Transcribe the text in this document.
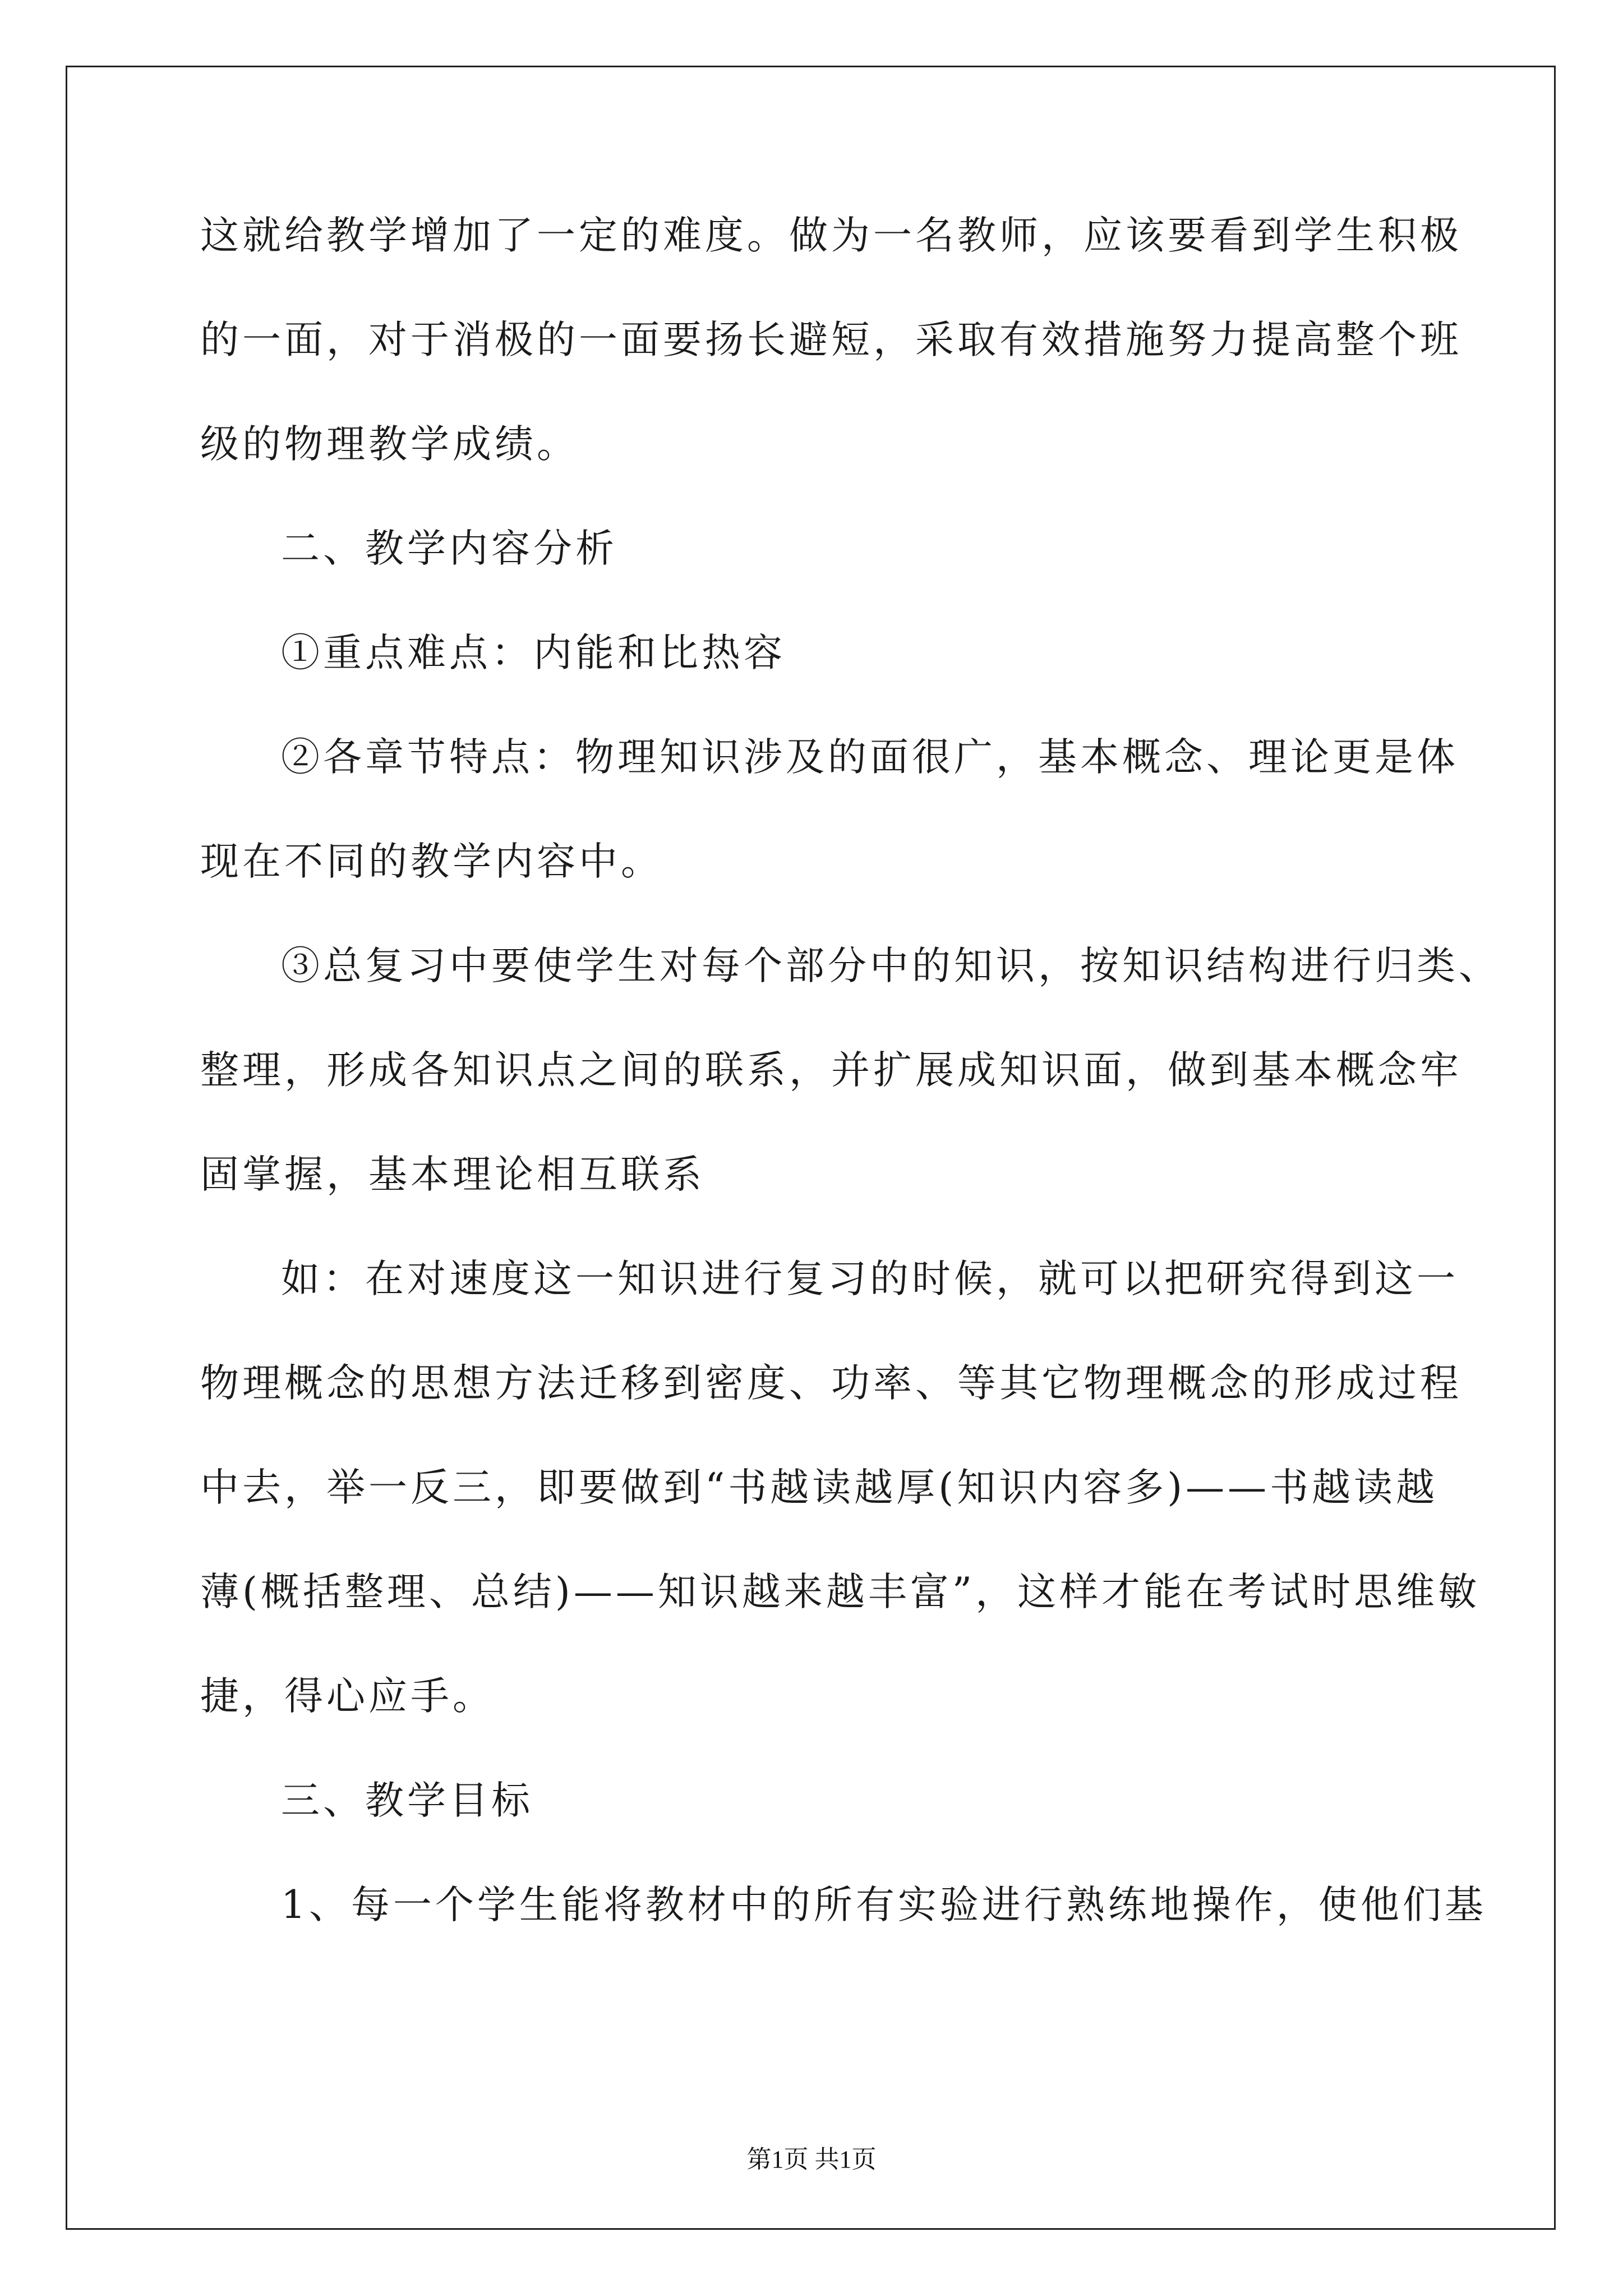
这就给教学增加了一定的难度。做为一名教师，应该要看到学生积极
的一面，对于消极的一面要扬长避短，采取有效措施努力提高整个班
级的物理教学成绩。
二、教学内容分析
①重点难点：内能和比热容
②各章节特点：物理知识涉及的面很广，基本概念、理论更是体
现在不同的教学内容中。
③总复习中要使学生对每个部分中的知识，按知识结构进行归类、
整理，形成各知识点之间的联系，并扩展成知识面，做到基本概念牢
固掌握，基本理论相互联系
如：在对速度这一知识进行复习的时候，就可以把研究得到这一
物理概念的思想方法迁移到密度、功率、等其它物理概念的形成过程
中去，举一反三，即要做到“书越读越厚(知识内容多)——书越读越
薄(概括整理、总结)——知识越来越丰富”，这样才能在考试时思维敏
捷，得心应手。
三、教学目标
1、每一个学生能将教材中的所有实验进行熟练地操作，使他们基
第1页 共1页
